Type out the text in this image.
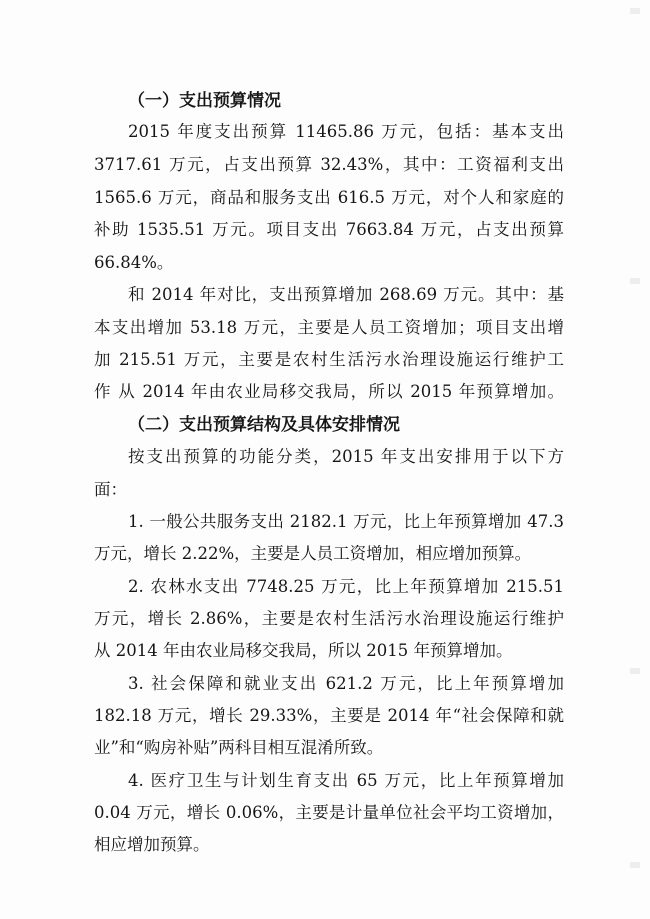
（一）支出预算情况
2015 年度支出预算 11465.86 万元，包括：基本支出
3717.61 万元，占支出预算 32.43%，其中：工资福利支出
1565.6 万元，商品和服务支出 616.5 万元，对个人和家庭的
补助 1535.51 万元。项目支出 7663.84 万元，占支出预算
66.84%。
和 2014 年对比，支出预算增加 268.69 万元。其中：基
本支出增加 53.18 万元，主要是人员工资增加；项目支出增
加 215.51 万元，主要是农村生活污水治理设施运行维护工
作 从 2014 年由农业局移交我局，所以 2015 年预算增加。
（二）支出预算结构及具体安排情况
按支出预算的功能分类，2015 年支出安排用于以下方
面：
1. 一般公共服务支出 2182.1 万元，比上年预算增加 47.3
万元，增长 2.22%，主要是人员工资增加，相应增加预算。
2. 农林水支出 7748.25 万元，比上年预算增加 215.51
万元，增长 2.86%，主要是农村生活污水治理设施运行维护
从 2014 年由农业局移交我局，所以 2015 年预算增加。
3. 社会保障和就业支出 621.2 万元，比上年预算增加
182.18 万元，增长 29.33%，主要是 2014 年“社会保障和就
业”和“购房补贴”两科目相互混淆所致。
4. 医疗卫生与计划生育支出 65 万元，比上年预算增加
0.04 万元，增长 0.06%，主要是计量单位社会平均工资增加，
相应增加预算。
